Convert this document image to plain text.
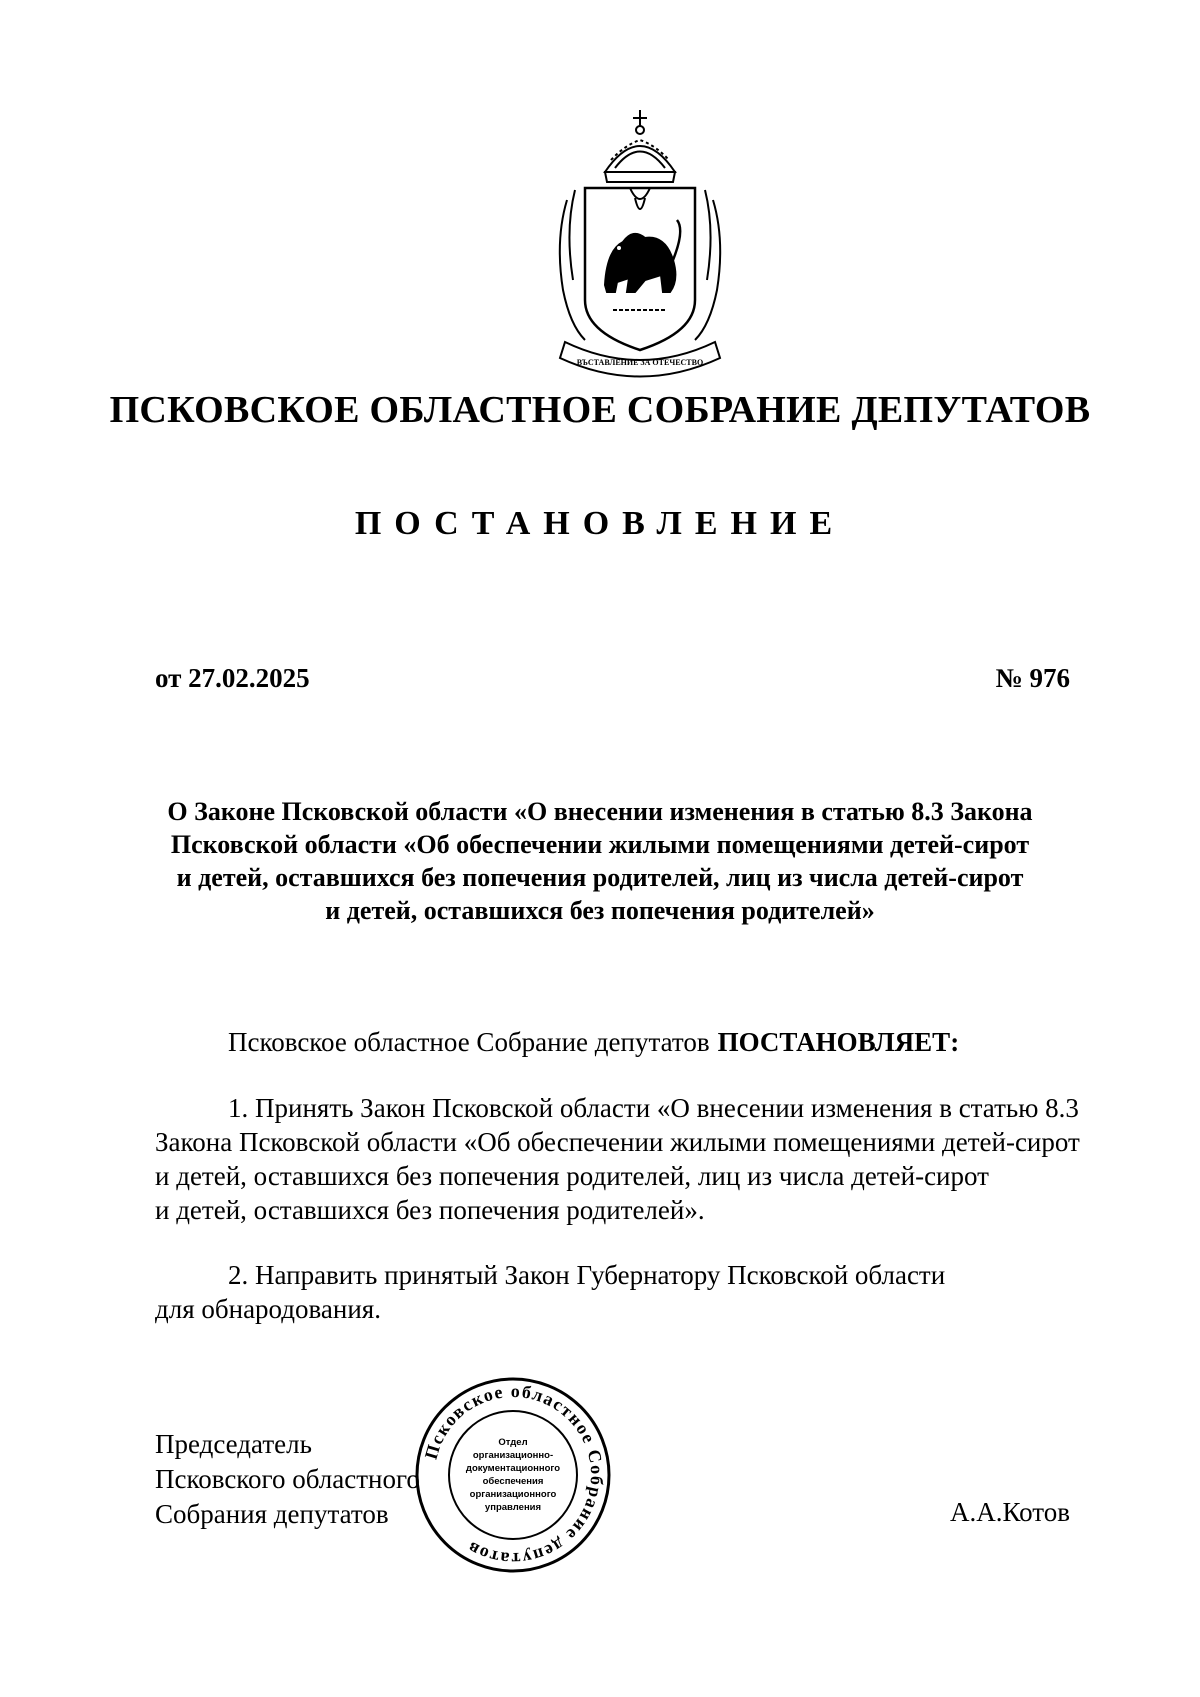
ВЪСТАВЛЕНИЕ ЗА ОТЕЧЕСТВО
ПСКОВСКОЕ ОБЛАСТНОЕ СОБРАНИЕ ДЕПУТАТОВ
ПОСТАНОВЛЕНИЕ
от 27.02.2025	№ 976
О Законе Псковской области «О внесении изменения в статью 8.3 Закона
Псковской области «Об обеспечении жилыми помещениями детей-сирот
и детей, оставшихся без попечения родителей, лиц из числа детей-сирот
и детей, оставшихся без попечения родителей»
Псковское областное Собрание депутатов ПОСТАНОВЛЯЕТ:
1. Принять Закон Псковской области «О внесении изменения в статью 8.3
Закона Псковской области «Об обеспечении жилыми помещениями детей-сирот
и детей, оставшихся без попечения родителей, лиц из числа детей-сирот
и детей, оставшихся без попечения родителей».
2. Направить принятый Закон Губернатору Псковской области
для обнародования.
Председатель
Псковского областного
Собрания депутатов	А.А.Котов
Псковское областное Собрание депутатов
Отдел
организационно-
документационного
обеспечения
организационного
управления
